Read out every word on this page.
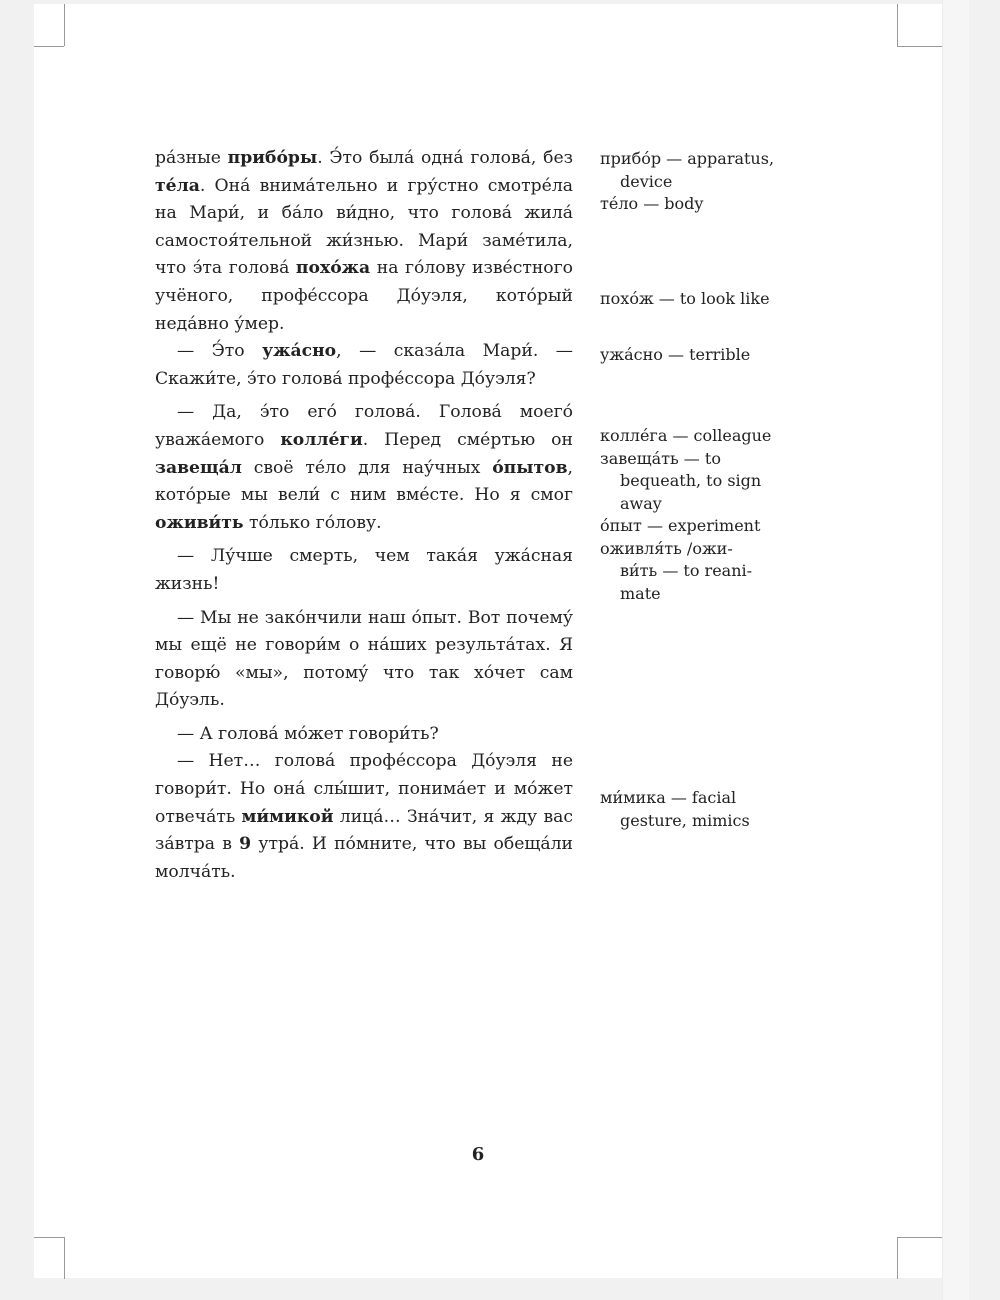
ра́зные прибо́ры. Э́то была́ одна́ голова́, без те́ла. Она́ внима́тельно и гру́стно смотре́ла на Мари́, и ба́ло ви́дно, что голова́ жила́ самостоя́тельной жи́знью. Мари́ заме́тила, что э́та голова́ похо́жа на го́лову изве́стного учёного, профе́ссора До́уэля, кото́рый неда́вно у́мер.

— Э́то ужа́сно, — сказа́ла Мари́. — Скажи́те, э́то голова́ профе́ссора До́уэля?

— Да, э́то его́ голова́. Голова́ моего́ уважа́емого колле́ги. Перед сме́ртью он завеща́л своё те́ло для нау́чных о́пытов, кото́рые мы вели́ с ним вме́сте. Но я смог оживи́ть то́лько го́лову.

— Лу́чше смерть, чем така́я ужа́сная жизнь!

— Мы не зако́нчили наш о́пыт. Вот почему́ мы ещё не говори́м о на́ших результа́тах. Я говорю́ «мы», потому́ что так хо́чет сам До́уэль.

— А голова́ мо́жет говори́ть?

— Нет… голова́ профе́ссора До́уэля не говори́т. Но она́ слы́шит, понима́ет и мо́жет отвеча́ть ми́микой лица́… Зна́чит, я жду вас за́втра в 9 утра́. И по́мните, что вы обеща́ли молча́ть.

прибо́р — apparatus,
device
те́ло — body
похо́ж — to look like
ужа́сно — terrible
колле́га — colleague
завеща́ть — to
bequeath, to sign
away
о́пыт — experiment
оживля́ть /ожи-
ви́ть — to reani-
mate
ми́мика — facial
gesture, mimics
6
